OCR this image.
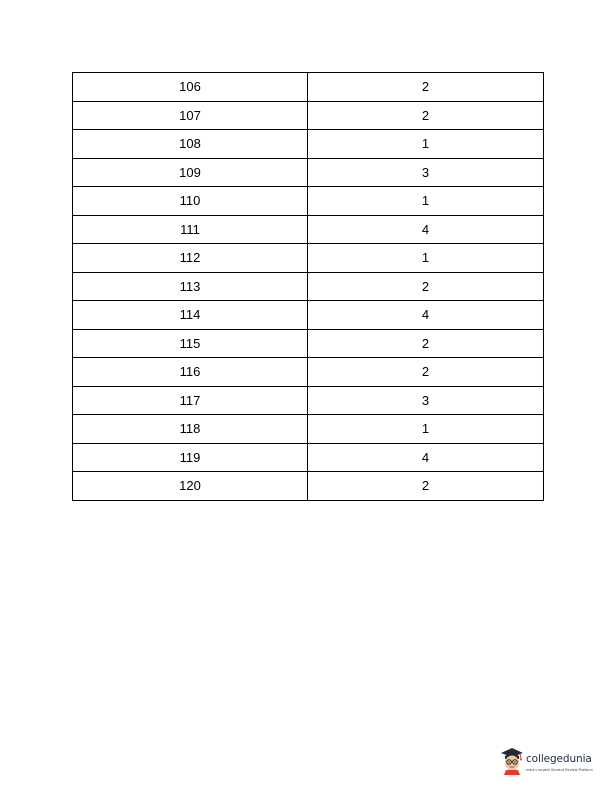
106	2
107	2
108	1
109	3
110	1
111	4
112	1
113	2
114	4
115	2
116	2
117	3
118	1
119	4
120	2
collegedunia
India's largest Student Review Platform
